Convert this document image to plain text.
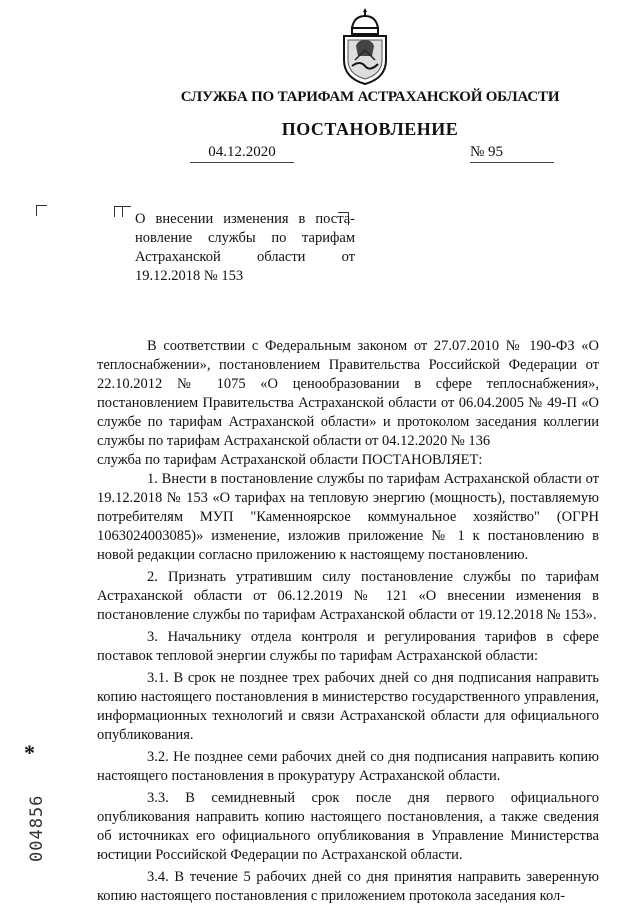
СЛУЖБА ПО ТАРИФАМ АСТРАХАНСКОЙ ОБЛАСТИ
ПОСТАНОВЛЕНИЕ
04.12.2020	№ 95
О внесении изменения в поста-
новление службы по тарифам
Астраханской области от
19.12.2018 № 153

В соответствии с Федеральным законом от 27.07.2010 № 190-ФЗ «О теплоснабжении», постановлением Правительства Российской Федерации от 22.10.2012 № 1075 «О ценообразовании в сфере теплоснабжения», постановлением Правительства Астраханской области от 06.04.2005 № 49-П «О службе по тарифам Астраханской области» и протоколом заседания коллегии службы по тарифам Астраханской области от 04.12.2020 № 136

служба по тарифам Астраханской области ПОСТАНОВЛЯЕТ:

1. Внести в постановление службы по тарифам Астраханской области от 19.12.2018 № 153 «О тарифах на тепловую энергию (мощность), поставляемую потребителям МУП "Каменноярское коммунальное хозяйство" (ОГРН 1063024003085)» изменение, изложив приложение № 1 к постановлению в новой редакции согласно приложению к настоящему постановлению.

2. Признать утратившим силу постановление службы по тарифам Астраханской области от 06.12.2019 № 121 «О внесении изменения в постановление службы по тарифам Астраханской области от 19.12.2018 № 153».

3. Начальнику отдела контроля и регулирования тарифов в сфере поставок тепловой энергии службы по тарифам Астраханской области:

3.1. В срок не позднее трех рабочих дней со дня подписания направить копию настоящего постановления в министерство государственного управления, информационных технологий и связи Астраханской области для официального опубликования.

3.2. Не позднее семи рабочих дней со дня подписания направить копию настоящего постановления в прокуратуру Астраханской области.

3.3. В семидневный срок после дня первого официального опубликования направить копию настоящего постановления, а также сведения об источниках его официального опубликования в Управление Министерства юстиции Российской Федерации по Астраханской области.

3.4. В течение 5 рабочих дней со дня принятия направить заверенную копию настоящего постановления с приложением протокола заседания кол-

*
004856
